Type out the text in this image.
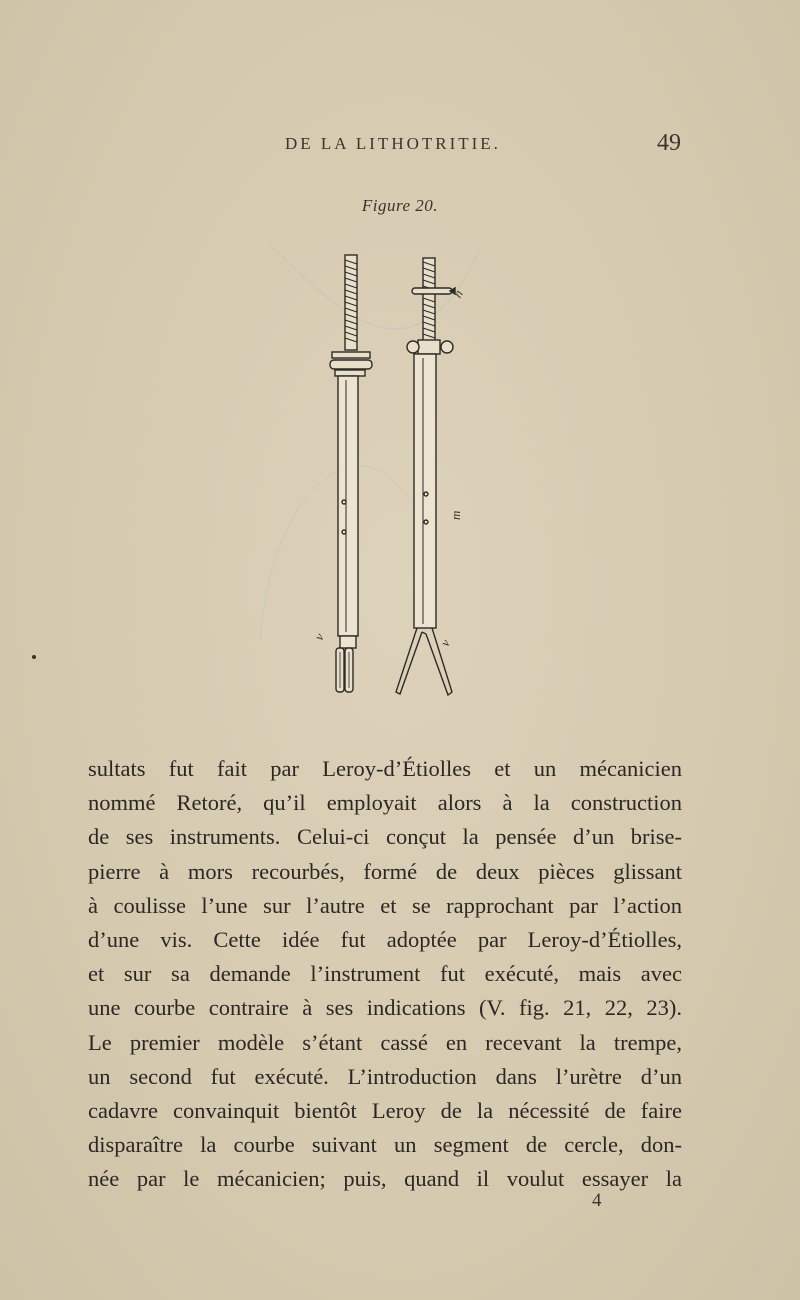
DE LA LITHOTRITIE.	49
Figure 20.
v
n
m
v
sultats fut fait par Leroy-d’Étiolles et un mécanicien
nommé Retoré, qu’il employait alors à la construction
de ses instruments. Celui-ci conçut la pensée d’un brise-
pierre à mors recourbés, formé de deux pièces glissant
à coulisse l’une sur l’autre et se rapprochant par l’action
d’une vis. Cette idée fut adoptée par Leroy-d’Étiolles,
et sur sa demande l’instrument fut exécuté, mais avec
une courbe contraire à ses indications (V. fig. 21, 22, 23).
Le premier modèle s’étant cassé en recevant la trempe,
un second fut exécuté. L’introduction dans l’urètre d’un
cadavre convainquit bientôt Leroy de la nécessité de faire
disparaître la courbe suivant un segment de cercle, don-
née par le mécanicien; puis, quand il voulut essayer la
4
